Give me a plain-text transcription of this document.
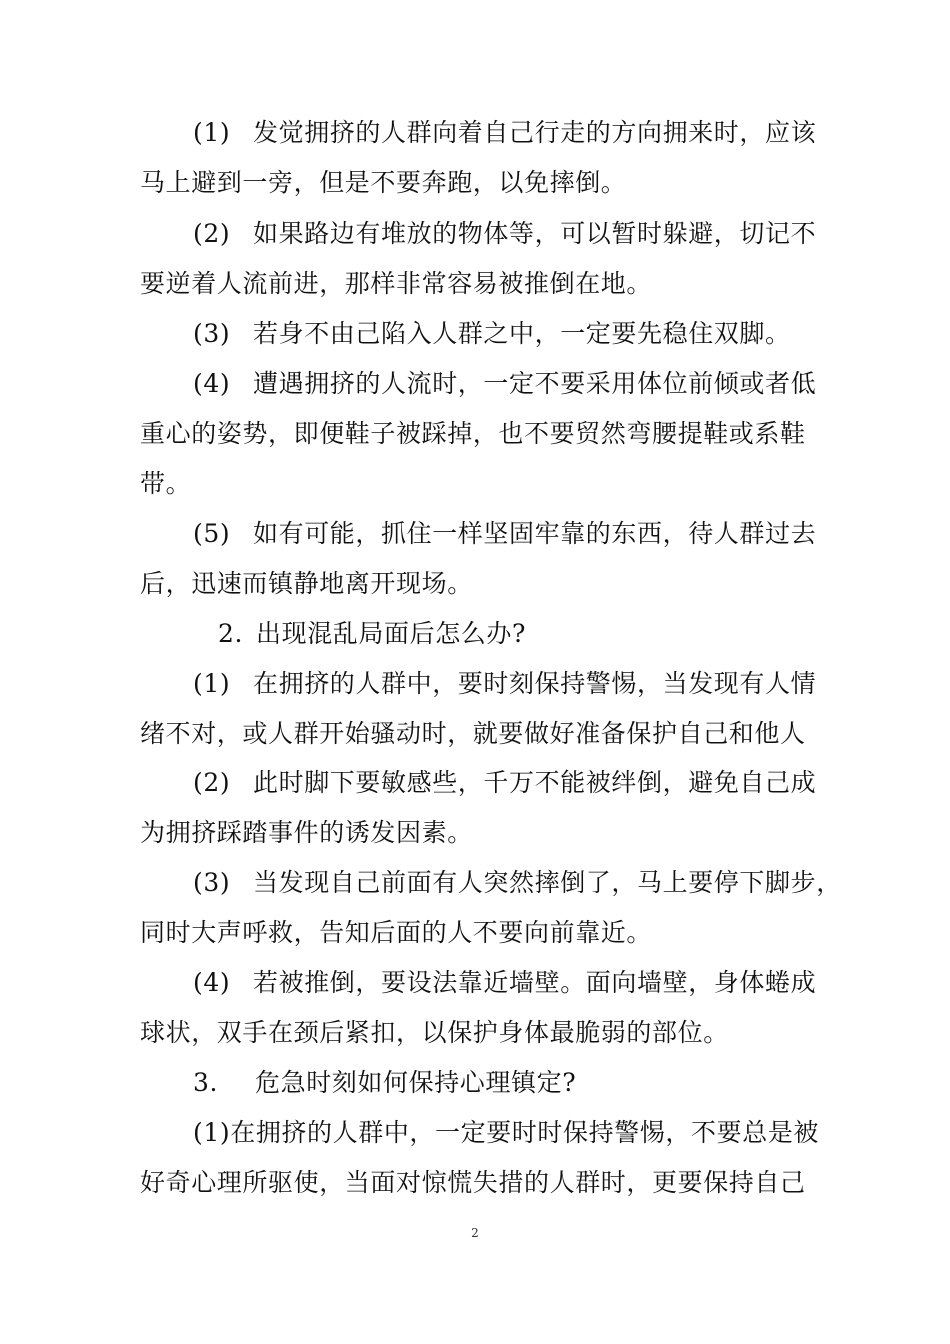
(1) 发觉拥挤的人群向着自己行走的方向拥来时，应该
马上避到一旁，但是不要奔跑，以免摔倒。
(2) 如果路边有堆放的物体等，可以暂时躲避，切记不
要逆着人流前进，那样非常容易被推倒在地。
(3) 若身不由己陷入人群之中，一定要先稳住双脚。
(4) 遭遇拥挤的人流时，一定不要采用体位前倾或者低
重心的姿势，即便鞋子被踩掉，也不要贸然弯腰提鞋或系鞋
带。
(5) 如有可能，抓住一样坚固牢靠的东西，待人群过去
后，迅速而镇静地离开现场。
2. 出现混乱局面后怎么办?
(1) 在拥挤的人群中，要时刻保持警惕，当发现有人情
绪不对，或人群开始骚动时，就要做好准备保护自己和他人
(2) 此时脚下要敏感些，千万不能被绊倒，避免自己成
为拥挤踩踏事件的诱发因素。
(3) 当发现自己前面有人突然摔倒了，马上要停下脚步，
同时大声呼救，告知后面的人不要向前靠近。
(4) 若被推倒，要设法靠近墙壁。面向墙壁，身体蜷成
球状，双手在颈后紧扣，以保护身体最脆弱的部位。
3. 危急时刻如何保持心理镇定?
(1)在拥挤的人群中，一定要时时保持警惕，不要总是被
好奇心理所驱使，当面对惊慌失措的人群时，更要保持自己
2
